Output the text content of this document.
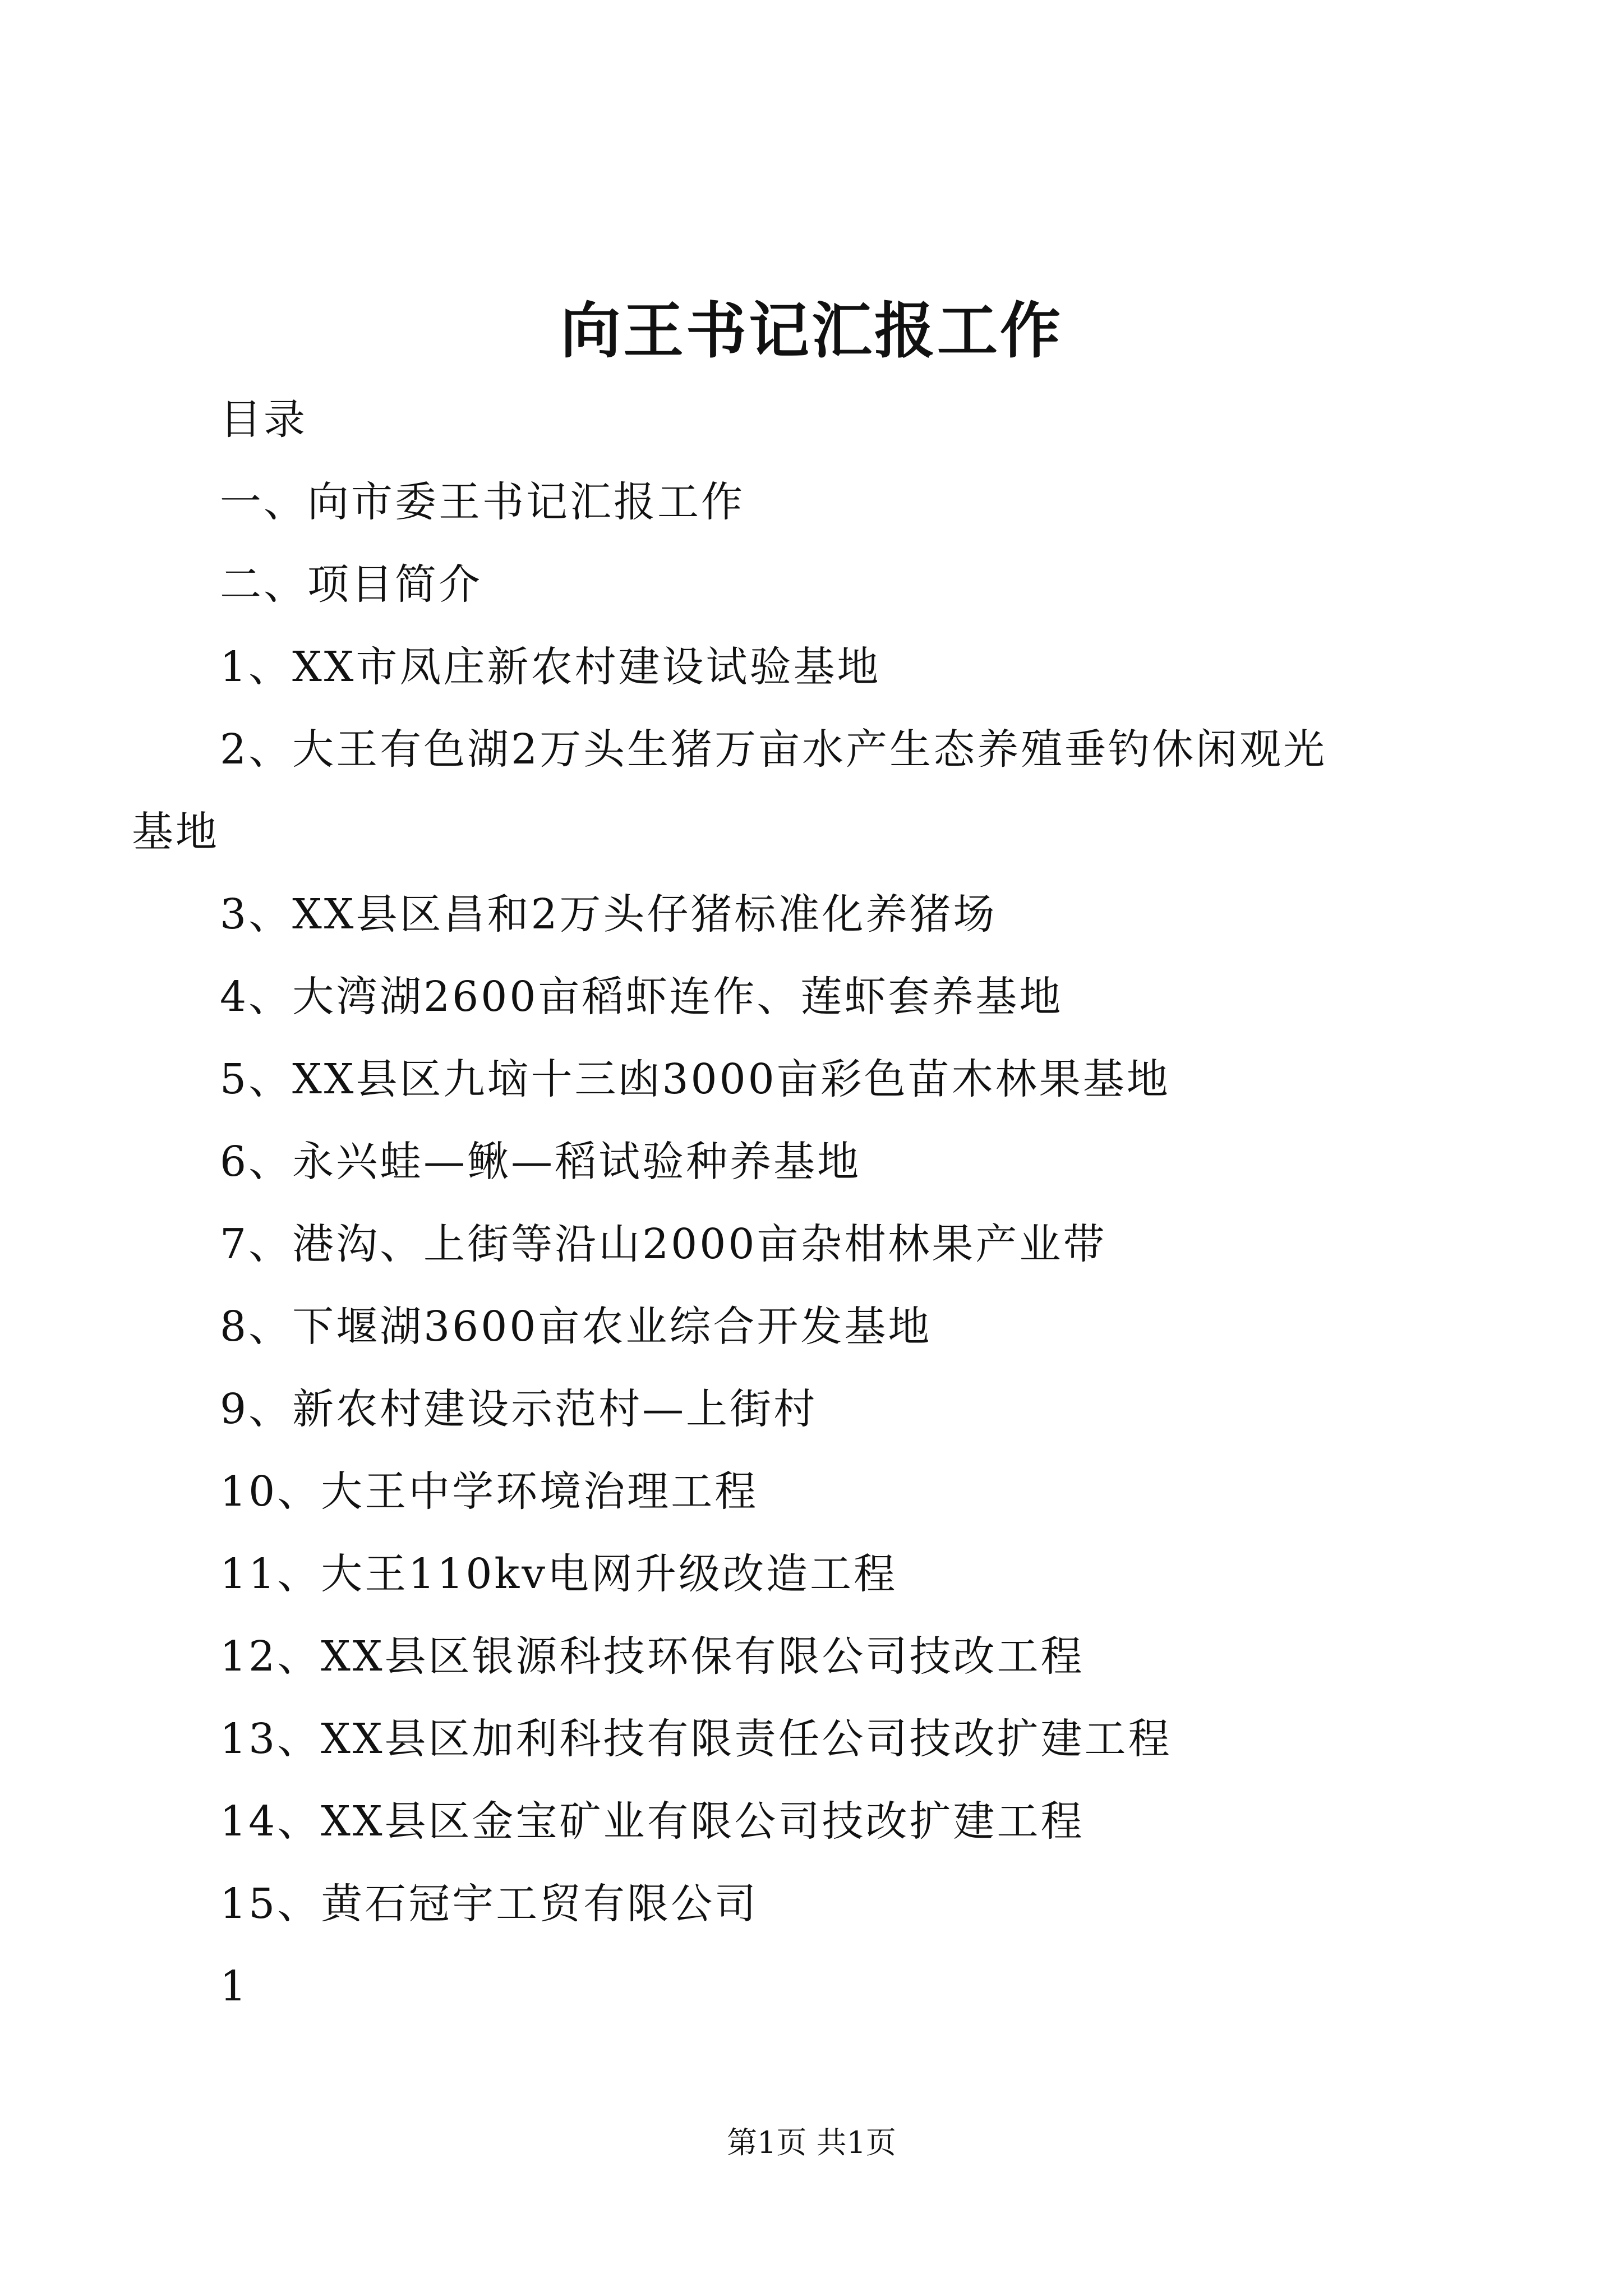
向王书记汇报工作
目录
一、向市委王书记汇报工作
二、项目简介
1、XX市凤庄新农村建设试验基地
2、大王有色湖2万头生猪万亩水产生态养殖垂钓休闲观光
基地
3、XX县区昌和2万头仔猪标准化养猪场
4、大湾湖2600亩稻虾连作、莲虾套养基地
5、XX县区九垴十三凼3000亩彩色苗木林果基地
6、永兴蛙—鳅—稻试验种养基地
7、港沟、上街等沿山2000亩杂柑林果产业带
8、下堰湖3600亩农业综合开发基地
9、新农村建设示范村—上街村
10、大王中学环境治理工程
11、大王110kv电网升级改造工程
12、XX县区银源科技环保有限公司技改工程
13、XX县区加利科技有限责任公司技改扩建工程
14、XX县区金宝矿业有限公司技改扩建工程
15、黄石冠宇工贸有限公司
1
第1页 共1页
